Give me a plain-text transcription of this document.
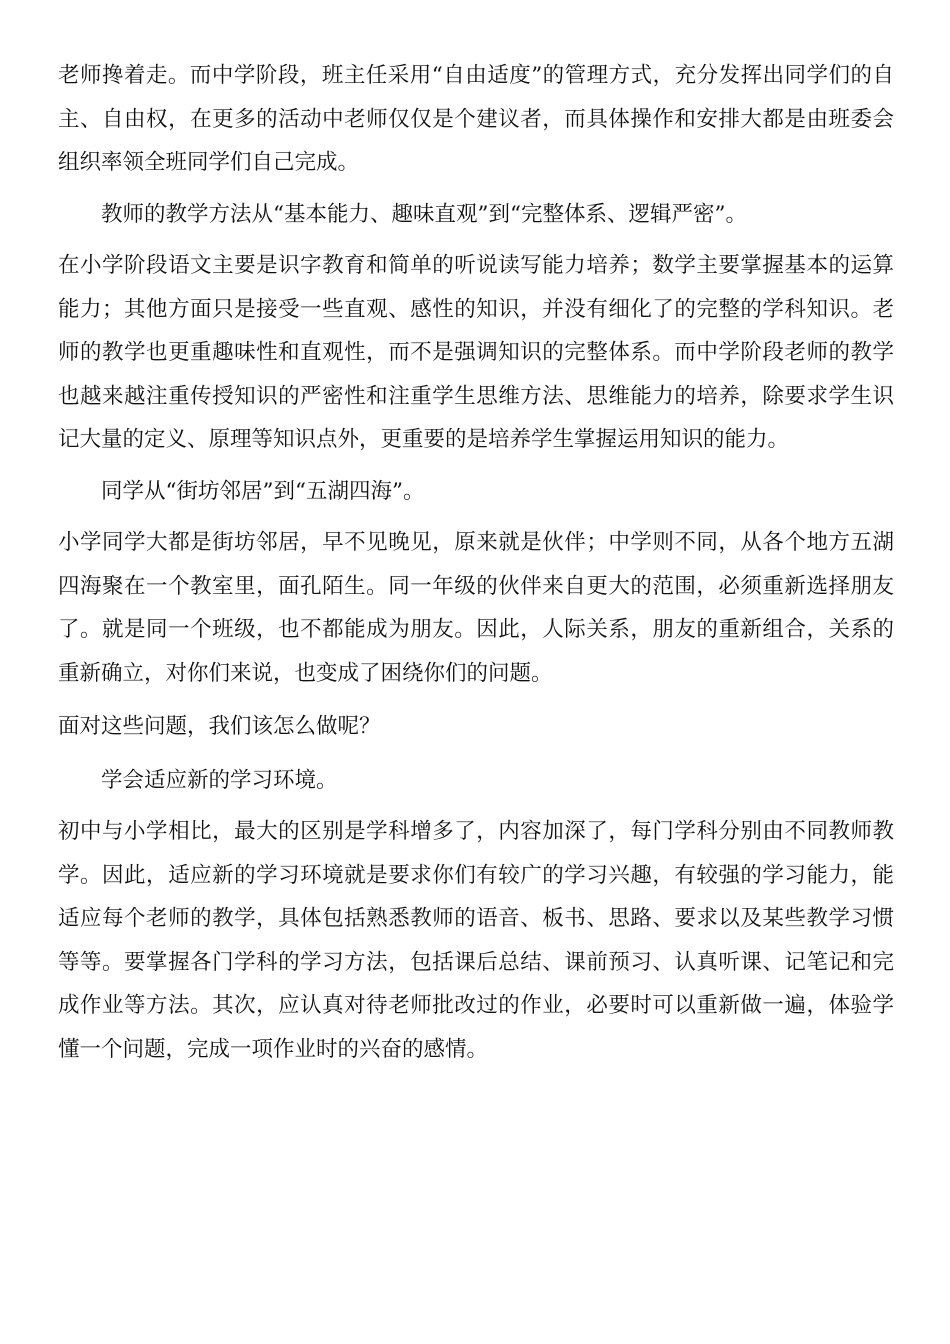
老师搀着走。而中学阶段，班主任采用“自由适度”的管理方式，充分发挥出同学们的自主、自由权，在更多的活动中老师仅仅是个建议者，而具体操作和安排大都是由班委会组织率领全班同学们自己完成。

教师的教学方法从“基本能力、趣味直观”到“完整体系、逻辑严密”。

在小学阶段语文主要是识字教育和简单的听说读写能力培养；数学主要掌握基本的运算能力；其他方面只是接受一些直观、感性的知识，并没有细化了的完整的学科知识。老师的教学也更重趣味性和直观性，而不是强调知识的完整体系。而中学阶段老师的教学也越来越注重传授知识的严密性和注重学生思维方法、思维能力的培养，除要求学生识记大量的定义、原理等知识点外，更重要的是培养学生掌握运用知识的能力。

同学从“街坊邻居”到“五湖四海”。

小学同学大都是街坊邻居，早不见晚见，原来就是伙伴；中学则不同，从各个地方五湖四海聚在一个教室里，面孔陌生。同一年级的伙伴来自更大的范围，必须重新选择朋友了。就是同一个班级，也不都能成为朋友。因此，人际关系，朋友的重新组合，关系的重新确立，对你们来说，也变成了困绕你们的问题。

面对这些问题，我们该怎么做呢？

学会适应新的学习环境。

初中与小学相比，最大的区别是学科增多了，内容加深了，每门学科分别由不同教师教学。因此，适应新的学习环境就是要求你们有较广的学习兴趣，有较强的学习能力，能适应每个老师的教学，具体包括熟悉教师的语音、板书、思路、要求以及某些教学习惯等等。要掌握各门学科的学习方法，包括课后总结、课前预习、认真听课、记笔记和完成作业等方法。其次，应认真对待老师批改过的作业，必要时可以重新做一遍，体验学懂一个问题，完成一项作业时的兴奋的感情。
